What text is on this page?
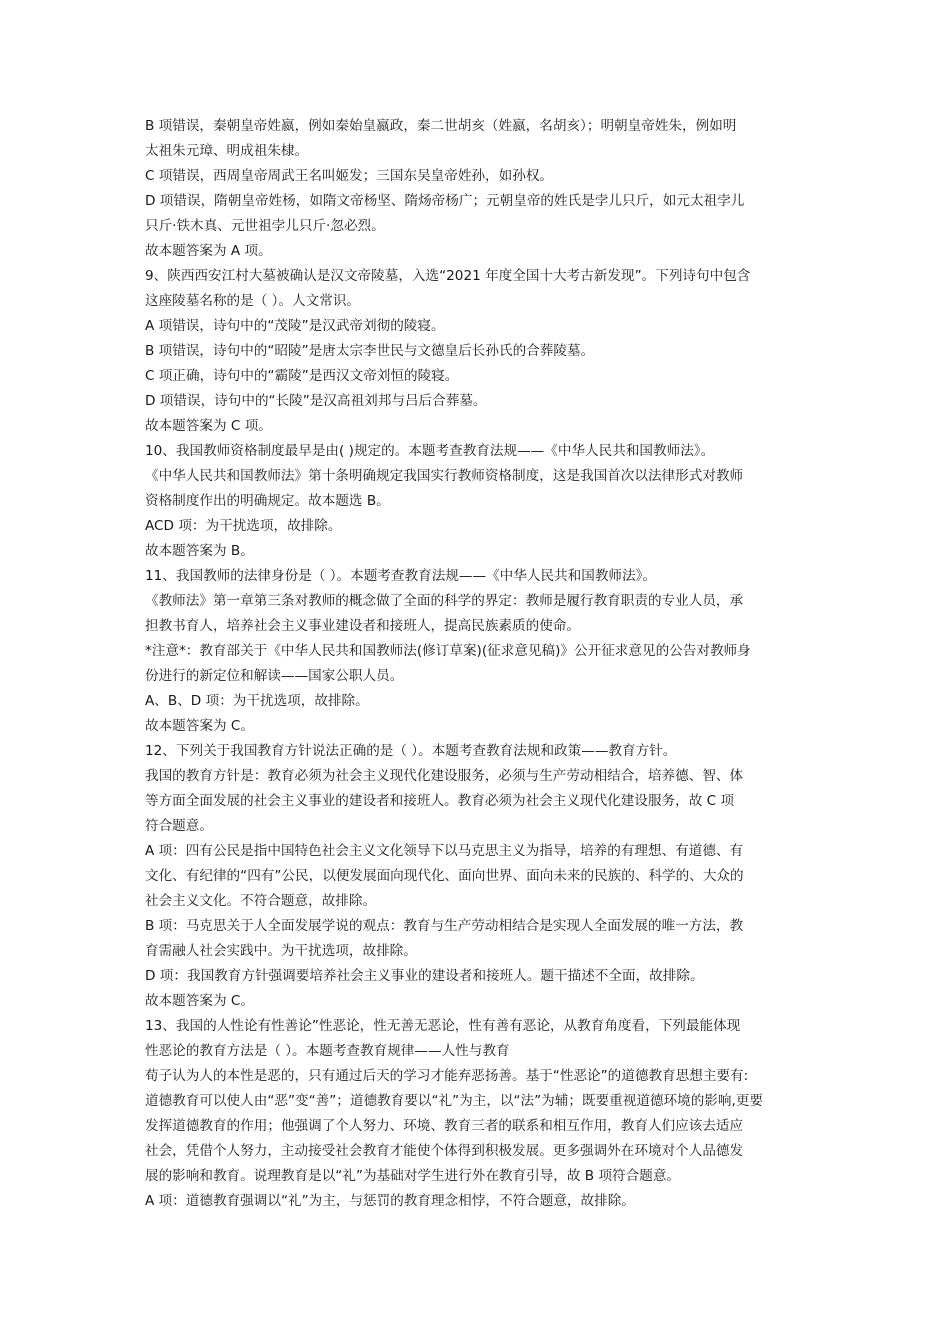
B 项错误，秦朝皇帝姓嬴，例如秦始皇嬴政，秦二世胡亥（姓嬴，名胡亥）；明朝皇帝姓朱，例如明
太祖朱元璋、明成祖朱棣。
C 项错误，西周皇帝周武王名叫姬发；三国东吴皇帝姓孙，如孙权。
D 项错误，隋朝皇帝姓杨，如隋文帝杨坚、隋炀帝杨广；元朝皇帝的姓氏是孛儿只斤，如元太祖孛儿
只斤·铁木真、元世祖孛儿只斤·忽必烈。
故本题答案为 A 项。
9、陕西西安江村大墓被确认是汉文帝陵墓，入选“2021 年度全国十大考古新发现”。下列诗句中包含
这座陵墓名称的是（ ）。人文常识。
A 项错误，诗句中的“茂陵”是汉武帝刘彻的陵寝。
B 项错误，诗句中的“昭陵”是唐太宗李世民与文德皇后长孙氏的合葬陵墓。
C 项正确，诗句中的“霸陵”是西汉文帝刘恒的陵寝。
D 项错误，诗句中的“长陵”是汉高祖刘邦与吕后合葬墓。
故本题答案为 C 项。
10、我国教师资格制度最早是由( )规定的。本题考查教育法规——《中华人民共和国教师法》。
《中华人民共和国教师法》第十条明确规定我国实行教师资格制度，这是我国首次以法律形式对教师
资格制度作出的明确规定。故本题选 B。
ACD 项：为干扰选项，故排除。
故本题答案为 B。
11、我国教师的法律身份是（ ）。本题考查教育法规——《中华人民共和国教师法》。
《教师法》第一章第三条对教师的概念做了全面的科学的界定：教师是履行教育职责的专业人员，承
担教书育人，培养社会主义事业建设者和接班人，提高民族素质的使命。
*注意*：教育部关于《中华人民共和国教师法(修订草案)(征求意见稿)》公开征求意见的公告对教师身
份进行的新定位和解读——国家公职人员。
A、B、D 项：为干扰选项，故排除。
故本题答案为 C。
12、下列关于我国教育方针说法正确的是（ ）。本题考查教育法规和政策——教育方针。
我国的教育方针是：教育必须为社会主义现代化建设服务，必须与生产劳动相结合，培养德、智、体
等方面全面发展的社会主义事业的建设者和接班人。教育必须为社会主义现代化建设服务，故 C 项
符合题意。
A 项：四有公民是指中国特色社会主义文化领导下以马克思主义为指导，培养的有理想、有道德、有
文化、有纪律的“四有”公民，以便发展面向现代化、面向世界、面向未来的民族的、科学的、大众的
社会主义文化。不符合题意，故排除。
B 项：马克思关于人全面发展学说的观点：教育与生产劳动相结合是实现人全面发展的唯一方法，教
育需融人社会实践中。为干扰选项，故排除。
D 项：我国教育方针强调要培养社会主义事业的建设者和接班人。题干描述不全面，故排除。
故本题答案为 C。
13、我国的人性论有性善论”性恶论，性无善无恶论，性有善有恶论，从教育角度看，下列最能体现
性恶论的教育方法是（ ）。本题考查教育规律——人性与教育
荀子认为人的本性是恶的，只有通过后天的学习才能弃恶扬善。基于“性恶论”的道德教育思想主要有:
道德教育可以使人由“恶”变“善”；道德教育要以“礼”为主，以“法”为辅；既要重视道德环境的影响,更要
发挥道德教育的作用；他强调了个人努力、环境、教育三者的联系和相互作用，教育人们应该去适应
社会，凭借个人努力，主动接受社会教育才能使个体得到积极发展。更多强调外在环境对个人品德发
展的影响和教育。说理教育是以“礼”为基础对学生进行外在教育引导，故 B 项符合题意。
A 项：道德教育强调以“礼”为主，与惩罚的教育理念相悖，不符合题意，故排除。
